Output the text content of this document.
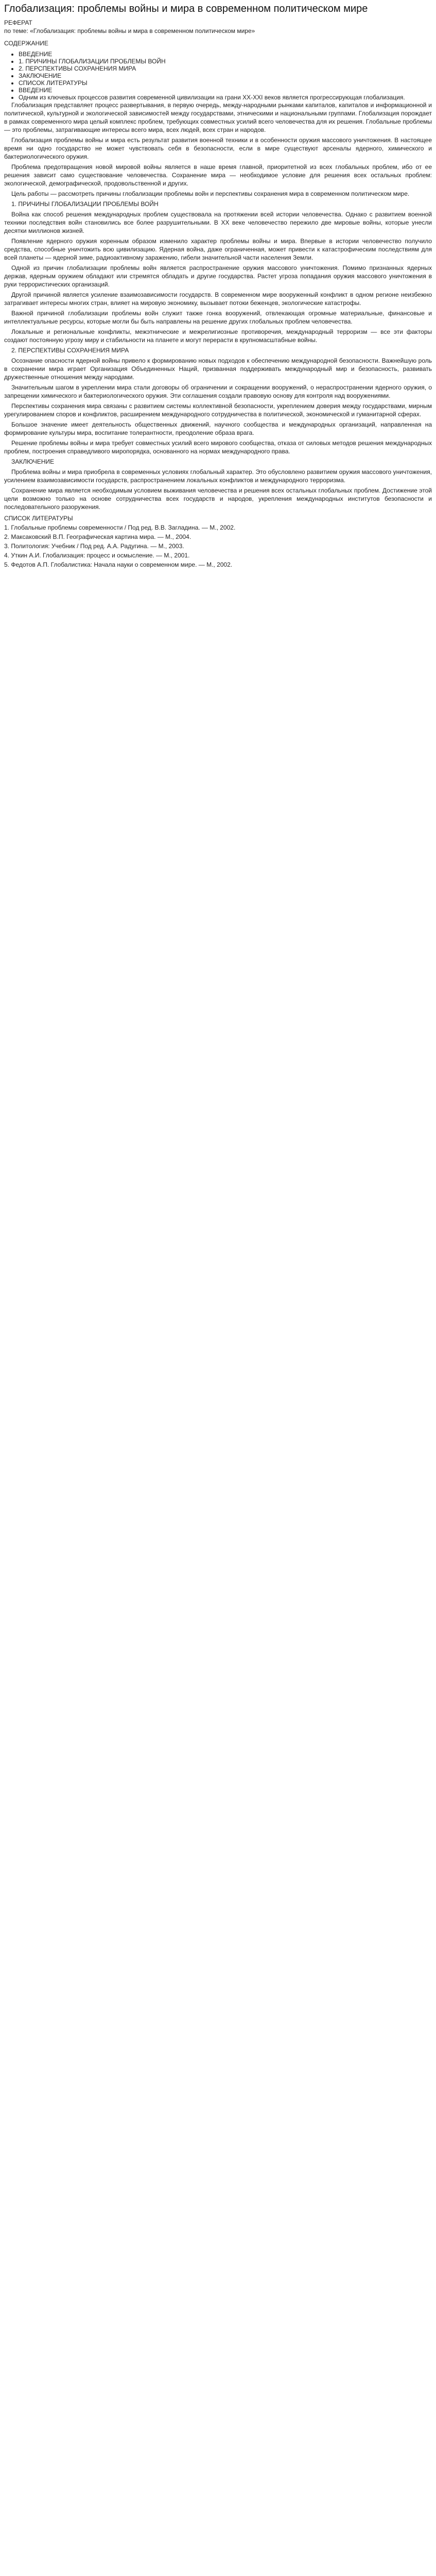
Глобализация: проблемы войны и мира в современном политическом мире

РЕФЕРАТ

по теме: «Глобализация: проблемы войны и мира в современном политическом мире»

СОДЕРЖАНИЕ

• ВВЕДЕНИЕ
• 1. ПРИЧИНЫ ГЛОБАЛИЗАЦИИ ПРОБЛЕМЫ ВОЙН
• 2. ПЕРСПЕКТИВЫ СОХРАНЕНИЯ МИРА
• ЗАКЛЮЧЕНИЕ
• СПИСОК ЛИТЕРАТУРЫ
• ВВЕДЕНИЕ
• Одним из ключевых процессов развития современной цивилизации на грани XX-XXI веков является прогрессирующая глобализация.

Глобализация представляет процесс развертывания, в первую очередь, между-народными рынками капиталов, капиталов и информационной и политической, культурной и экологической зависимостей между государствами, этническими и национальными группами. Глобализация порождает в рамках современного мира целый комплекс проблем, требующих совместных усилий всего человечества для их решения. Глобальные проблемы — это проблемы, затрагивающие интересы всего мира, всех людей, всех стран и народов.

Глобализация проблемы войны и мира есть результат развития военной техники и в особенности оружия массового уничтожения. В настоящее время ни одно государство не может чувствовать себя в безопасности, если в мире существуют арсеналы ядерного, химического и бактериологического оружия.

Проблема предотвращения новой мировой войны является в наше время главной, приоритетной из всех глобальных проблем, ибо от ее решения зависит само существование человечества. Сохранение мира — необходимое условие для решения всех остальных проблем: экологической, демографической, продовольственной и других.

Цель работы — рассмотреть причины глобализации проблемы войн и перспективы сохранения мира в современном политическом мире.

1. ПРИЧИНЫ ГЛОБАЛИЗАЦИИ ПРОБЛЕМЫ ВОЙН

Война как способ решения международных проблем существовала на протяжении всей истории человечества. Однако с развитием военной техники последствия войн становились все более разрушительными. В XX веке человечество пережило две мировые войны, которые унесли десятки миллионов жизней.

Появление ядерного оружия коренным образом изменило характер проблемы войны и мира. Впервые в истории человечество получило средства, способные уничтожить всю цивилизацию. Ядерная война, даже ограниченная, может привести к катастрофическим последствиям для всей планеты — ядерной зиме, радиоактивному заражению, гибели значительной части населения Земли.

Одной из причин глобализации проблемы войн является распространение оружия массового уничтожения. Помимо признанных ядерных держав, ядерным оружием обладают или стремятся обладать и другие государства. Растет угроза попадания оружия массового уничтожения в руки террористических организаций.

Другой причиной является усиление взаимозависимости государств. В современном мире вооруженный конфликт в одном регионе неизбежно затрагивает интересы многих стран, влияет на мировую экономику, вызывает потоки беженцев, экологические катастрофы.

Важной причиной глобализации проблемы войн служит также гонка вооружений, отвлекающая огромные материальные, финансовые и интеллектуальные ресурсы, которые могли бы быть направлены на решение других глобальных проблем человечества.

Локальные и региональные конфликты, межэтнические и межрелигиозные противоречия, международный терроризм — все эти факторы создают постоянную угрозу миру и стабильности на планете и могут перерасти в крупномасштабные войны.

2. ПЕРСПЕКТИВЫ СОХРАНЕНИЯ МИРА

Осознание опасности ядерной войны привело к формированию новых подходов к обеспечению международной безопасности. Важнейшую роль в сохранении мира играет Организация Объединенных Наций, призванная поддерживать международный мир и безопасность, развивать дружественные отношения между народами.

Значительным шагом в укреплении мира стали договоры об ограничении и сокращении вооружений, о нераспространении ядерного оружия, о запрещении химического и бактериологического оружия. Эти соглашения создали правовую основу для контроля над вооружениями.

Перспективы сохранения мира связаны с развитием системы коллективной безопасности, укреплением доверия между государствами, мирным урегулированием споров и конфликтов, расширением международного сотрудничества в политической, экономической и гуманитарной сферах.

Большое значение имеет деятельность общественных движений, научного сообщества и международных организаций, направленная на формирование культуры мира, воспитание толерантности, преодоление образа врага.

Решение проблемы войны и мира требует совместных усилий всего мирового сообщества, отказа от силовых методов решения международных проблем, построения справедливого миропорядка, основанного на нормах международного права.

ЗАКЛЮЧЕНИЕ

Проблема войны и мира приобрела в современных условиях глобальный характер. Это обусловлено развитием оружия массового уничтожения, усилением взаимозависимости государств, распространением локальных конфликтов и международного терроризма.

Сохранение мира является необходимым условием выживания человечества и решения всех остальных глобальных проблем. Достижение этой цели возможно только на основе сотрудничества всех государств и народов, укрепления международных институтов безопасности и последовательного разоружения.

СПИСОК ЛИТЕРАТУРЫ

1. Глобальные проблемы современности / Под ред. В.В. Загладина. — М., 2002.
2. Максаковский В.П. Географическая картина мира. — М., 2004.
3. Политология: Учебник / Под ред. А.А. Радугина. — М., 2003.
4. Уткин А.И. Глобализация: процесс и осмысление. — М., 2001.
5. Федотов А.П. Глобалистика: Начала науки о современном мире. — М., 2002.
